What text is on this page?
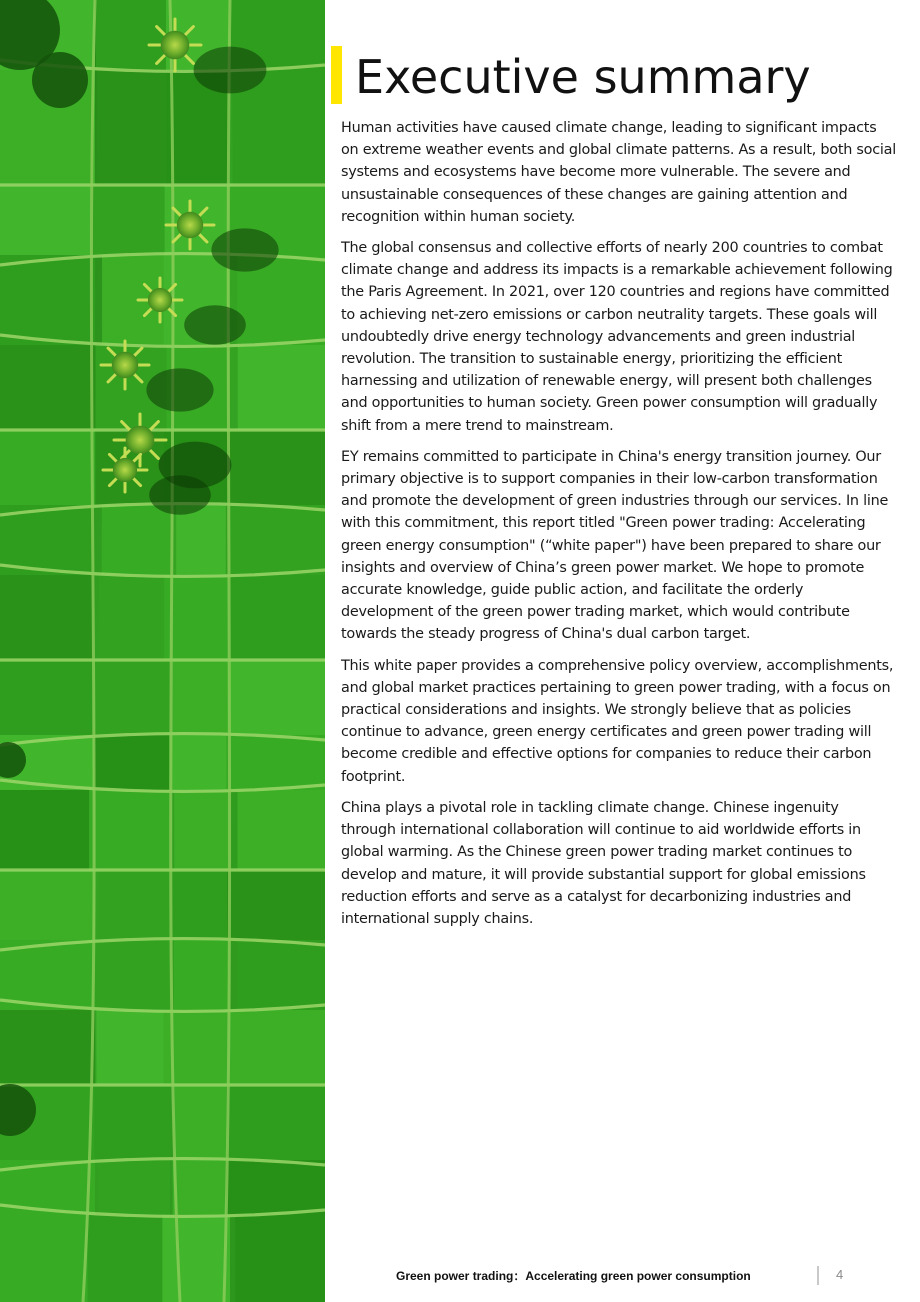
Executive summary

Human activities have caused climate change, leading to significant impacts on extreme weather events and global climate patterns. As a result, both social systems and ecosystems have become more vulnerable. The severe and unsustainable consequences of these changes are gaining attention and recognition within human society.

The global consensus and collective efforts of nearly 200 countries to combat climate change and address its impacts is a remarkable achievement following the Paris Agreement. In 2021, over 120 countries and regions have committed to achieving net-zero emissions or carbon neutrality targets. These goals will undoubtedly drive energy technology advancements and green industrial revolution. The transition to sustainable energy, prioritizing the efficient harnessing and utilization of renewable energy, will present both challenges and opportunities to human society. Green power consumption will gradually shift from a mere trend to mainstream.

EY remains committed to participate in China's energy transition journey. Our primary objective is to support companies in their low-carbon transformation and promote the development of green industries through our services. In line with this commitment, this report titled "Green power trading: Accelerating green energy consumption" (“white paper") have been prepared to share our insights and overview of China’s green power market. We hope to promote accurate knowledge, guide public action, and facilitate the orderly development of the green power trading market, which would contribute towards the steady progress of China's dual carbon target.

This white paper provides a comprehensive policy overview, accomplishments, and global market practices pertaining to green power trading, with a focus on practical considerations and insights. We strongly believe that as policies continue to advance, green energy certificates and green power trading will become credible and effective options for companies to reduce their carbon footprint.

China plays a pivotal role in tackling climate change. Chinese ingenuity through international collaboration will continue to aid worldwide efforts in global warming. As the Chinese green power trading market continues to develop and mature, it will provide substantial support for global emissions reduction efforts and serve as a catalyst for decarbonizing industries and international supply chains.

Green power trading：Accelerating green power consumption	4
